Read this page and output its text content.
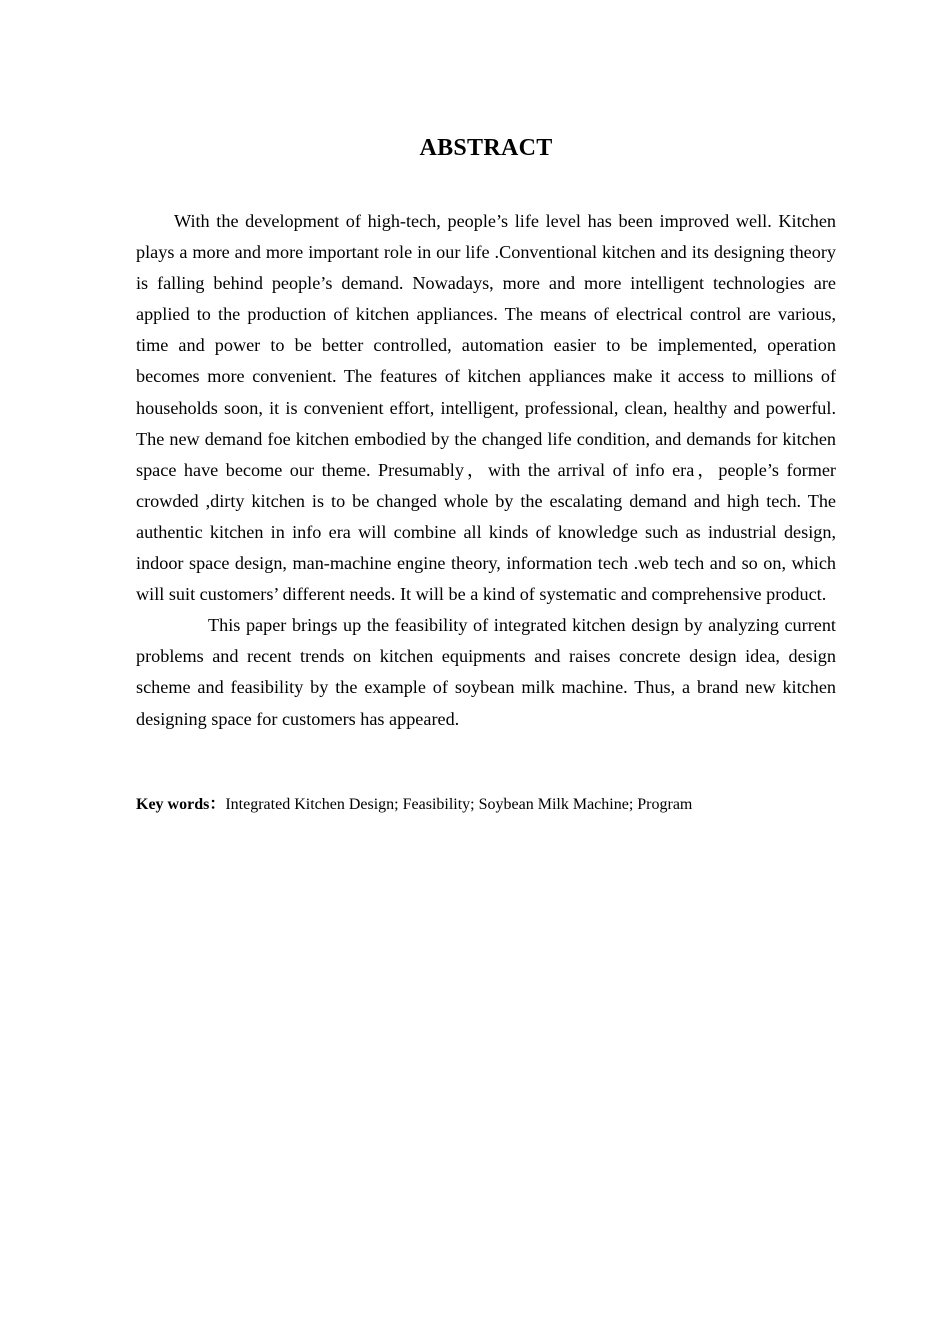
ABSTRACT

With the development of high-tech, people’s life level has been improved well. Kitchen plays a more and more important role in our life .Conventional kitchen and its designing theory is falling behind people’s demand. Nowadays, more and more intelligent technologies are applied to the production of kitchen appliances. The means of electrical control are various, time and power to be better controlled, automation easier to be implemented, operation becomes more convenient. The features of kitchen appliances make it access to millions of households soon, it is convenient effort, intelligent, professional, clean, healthy and powerful. The new demand foe kitchen embodied by the changed life condition, and demands for kitchen space have become our theme. Presumably，with the arrival of info era，people’s former crowded ,dirty kitchen is to be changed whole by the escalating demand and high tech. The authentic kitchen in info era will combine all kinds of knowledge such as industrial design, indoor space design, man-machine engine theory, information tech .web tech and so on, which will suit customers’ different needs. It will be a kind of systematic and comprehensive product.

This paper brings up the feasibility of integrated kitchen design by analyzing current problems and recent trends on kitchen equipments and raises concrete design idea, design scheme and feasibility by the example of soybean milk machine. Thus, a brand new kitchen designing space for customers has appeared.

Key words：Integrated Kitchen Design; Feasibility; Soybean Milk Machine; Program
